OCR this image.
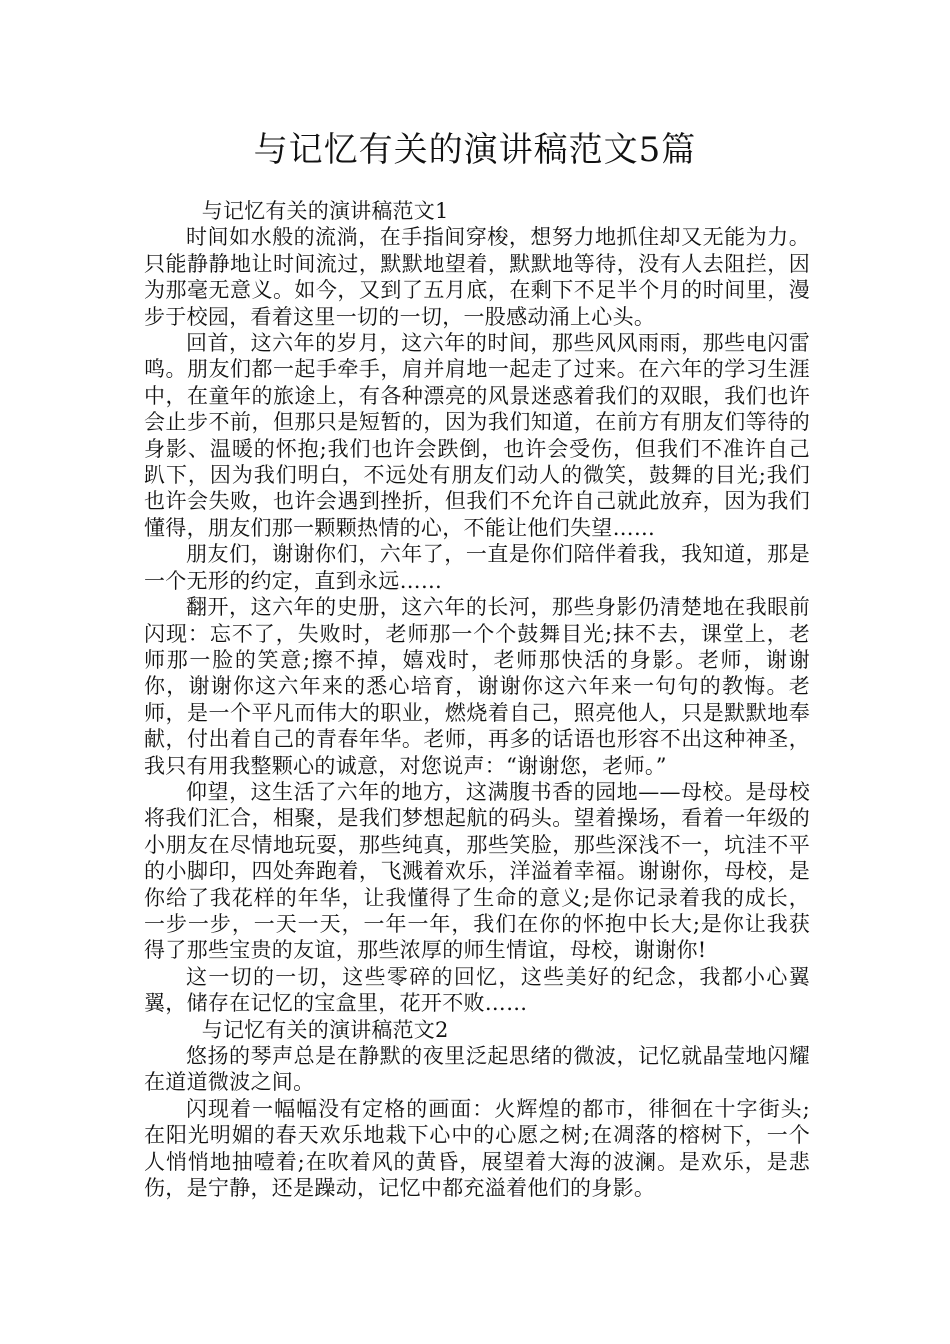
与记忆有关的演讲稿范文5篇

与记忆有关的演讲稿范文1

时间如水般的流淌，在手指间穿梭，想努力地抓住却又无能为力。只能静静地让时间流过，默默地望着，默默地等待，没有人去阻拦，因为那毫无意义。如今，又到了五月底，在剩下不足半个月的时间里，漫步于校园，看着这里一切的一切，一股感动涌上心头。

回首，这六年的岁月，这六年的时间，那些风风雨雨，那些电闪雷鸣。朋友们都一起手牵手，肩并肩地一起走了过来。在六年的学习生涯中，在童年的旅途上，有各种漂亮的风景迷惑着我们的双眼，我们也许会止步不前，但那只是短暂的，因为我们知道，在前方有朋友们等待的身影、温暖的怀抱;我们也许会跌倒，也许会受伤，但我们不准许自己趴下，因为我们明白，不远处有朋友们动人的微笑，鼓舞的目光;我们也许会失败，也许会遇到挫折，但我们不允许自己就此放弃，因为我们懂得，朋友们那一颗颗热情的心，不能让他们失望……

朋友们，谢谢你们，六年了，一直是你们陪伴着我，我知道，那是一个无形的约定，直到永远……

翻开，这六年的史册，这六年的长河，那些身影仍清楚地在我眼前闪现：忘不了，失败时，老师那一个个鼓舞目光;抹不去，课堂上，老师那一脸的笑意;擦不掉，嬉戏时，老师那快活的身影。老师，谢谢你，谢谢你这六年来的悉心培育，谢谢你这六年来一句句的教悔。老师，是一个平凡而伟大的职业，燃烧着自己，照亮他人，只是默默地奉献，付出着自己的青春年华。老师，再多的话语也形容不出这种神圣，我只有用我整颗心的诚意，对您说声：“谢谢您，老师。”

仰望，这生活了六年的地方，这满腹书香的园地——母校。是母校将我们汇合，相聚，是我们梦想起航的码头。望着操场，看着一年级的小朋友在尽情地玩耍，那些纯真，那些笑脸，那些深浅不一，坑洼不平的小脚印，四处奔跑着，飞溅着欢乐，洋溢着幸福。谢谢你，母校，是你给了我花样的年华，让我懂得了生命的意义;是你记录着我的成长，一步一步，一天一天，一年一年，我们在你的怀抱中长大;是你让我获得了那些宝贵的友谊，那些浓厚的师生情谊，母校，谢谢你!

这一切的一切，这些零碎的回忆，这些美好的纪念，我都小心翼翼，储存在记忆的宝盒里，花开不败……

与记忆有关的演讲稿范文2

悠扬的琴声总是在静默的夜里泛起思绪的微波，记忆就晶莹地闪耀在道道微波之间。

闪现着一幅幅没有定格的画面：火辉煌的都市，徘徊在十字街头;在阳光明媚的春天欢乐地栽下心中的心愿之树;在凋落的榕树下，一个人悄悄地抽噎着;在吹着风的黄昏，展望着大海的波澜。是欢乐，是悲伤，是宁静，还是躁动，记忆中都充溢着他们的身影。
